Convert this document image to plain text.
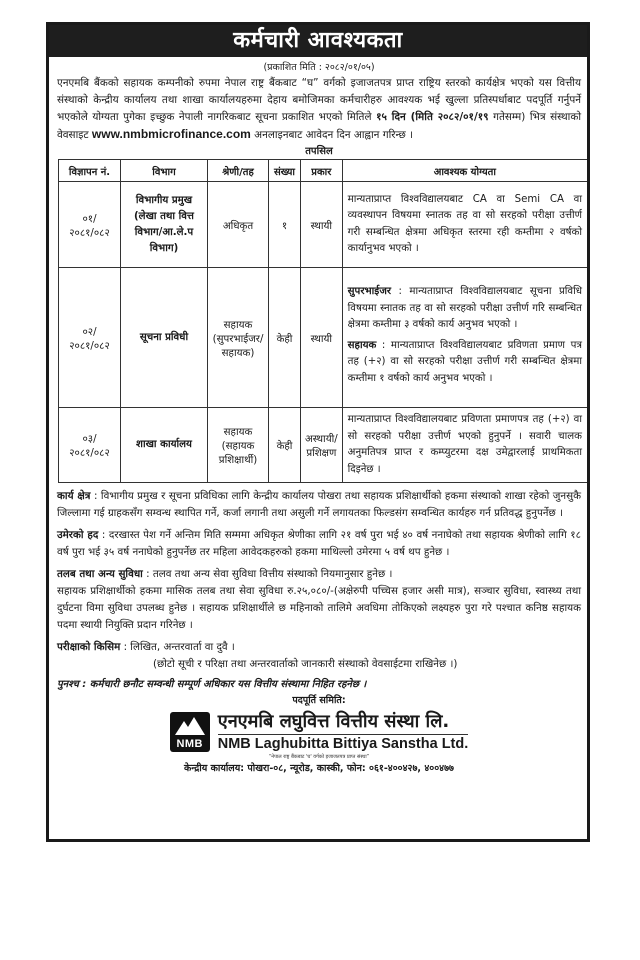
कर्मचारी आवश्यकता
(प्रकाशित मिति : २०८२/०१/०५)
एनएमबि बैंकको सहायक कम्पनीको रुपमा नेपाल राष्ट्र बैंकबाट “घ” वर्गको इजाजतपत्र प्राप्त राष्ट्रिय स्तरको कार्यक्षेत्र भएको यस वित्तीय संस्थाको केन्द्रीय कार्यालय तथा शाखा कार्यालयहरुमा देहाय बमोजिमका कर्मचारीहरु आवश्यक भई खुल्ला प्रतिस्पर्धाबाट पदपूर्ति गर्नुपर्ने भएकोले योग्यता पुगेका इच्छुक नेपाली नागरिकबाट सूचना प्रकाशित भएको मितिले १५ दिन (मिति २०८२/०१/१९ गतेसम्म) भित्र संस्थाको वेवसाइट www.nmbmicrofinance.com अनलाइनबाट आवेदन दिन आह्वान गरिन्छ ।
तपसिल
विज्ञापन नं.	विभाग	श्रेणी/तह	संख्या	प्रकार	आवश्यक योग्यता
०१/ २०८१/०८२	विभागीय प्रमुख (लेखा तथा वित्त विभाग/आ.ले.प विभाग)	अधिकृत	१	स्थायी	मान्यताप्राप्त विश्वविद्यालयबाट CA वा Semi CA वा व्यवस्थापन विषयमा स्नातक तह वा सो सरहको परीक्षा उत्तीर्ण गरी सम्बन्धित क्षेत्रमा अधिकृत स्तरमा रही कम्तीमा २ वर्षको कार्यानुभव भएको ।
०२/ २०८१/०८२	सूचना प्रविधी	सहायक (सुपरभाईजर/ सहायक)	केही	स्थायी	सुपरभाईजर : मान्यताप्राप्त विश्वविद्यालयबाट सूचना प्रविधि विषयमा स्नातक तह वा सो सरहको परीक्षा उत्तीर्ण गरि सम्बन्धित क्षेत्रमा कम्तीमा ३ वर्षको कार्य अनुभव भएको ।
सहायक : मान्यताप्राप्त विश्वविद्यालयबाट प्रविणता प्रमाण पत्र तह (+२) वा सो सरहको परीक्षा उत्तीर्ण गरी सम्बन्धित क्षेत्रमा कम्तीमा १ वर्षको कार्य अनुभव भएको ।

०३/ २०८१/०८२	शाखा कार्यालय	सहायक (सहायक प्रशिक्षार्थी)	केही	अस्थायी/ प्रशिक्षण	मान्यताप्राप्त विश्वविद्यालयबाट प्रविणता प्रमाणपत्र तह (+२) वा सो सरहको परीक्षा उत्तीर्ण भएको हुनुपर्ने । सवारी चालक अनुमतिपत्र प्राप्त र कम्प्युटरमा दक्ष उमेद्वारलाई प्राथमिकता दिइनेछ ।
कार्य क्षेत्र : विभागीय प्रमुख र सूचना प्रविधिका लागि केन्द्रीय कार्यालय पोखरा तथा सहायक प्रशिक्षार्थीको हकमा संस्थाको शाखा रहेको जुनसुकै जिल्लामा गई ग्राहकसँग सम्वन्ध स्थापित गर्ने, कर्जा लगानी तथा असुली गर्ने लगायतका फिल्डसंग सम्वन्धित कार्यहरु गर्न प्रतिवद्ध हुनुपर्नेछ ।
उमेरको हद : दरखास्त पेश गर्ने अन्तिम मिति सम्ममा अधिकृत श्रेणीका लागि २१ वर्ष पुरा भई ४० वर्ष ननाघेको तथा सहायक श्रेणीको लागि १८ वर्ष पुरा भई ३५ वर्ष ननाघेको हुनुपर्नेछ तर महिला आवेदकहरुको हकमा माथिल्लो उमेरमा ५ वर्ष थप हुनेछ ।
तलब तथा अन्य सुविधा : तलव तथा अन्य सेवा सुविधा वित्तीय संस्थाको नियमानुसार हुनेछ ।
सहायक प्रशिक्षार्थीको हकमा मासिक तलब तथा सेवा सुविधा रु.२५,०८०/-(अक्षेरुपी पच्चिस हजार असी मात्र), सञ्चार सुविधा, स्वास्थ्य तथा दुर्घटना विमा सुविधा उपलब्ध हुनेछ । सहायक प्रशिक्षार्थीले छ महिनाको तालिमे अवधिमा तोकिएको लक्ष्यहरु पुरा गरे पश्चात कनिष्ठ सहायक पदमा स्थायी नियुक्ति प्रदान गरिनेछ ।
परीक्षाको किसिम : लिखित, अन्तरवार्ता वा दुवै ।
(छोटो सूची र परिक्षा तथा अन्तरवार्ताको जानकारी संस्थाको वेवसाईटमा राखिनेछ ।)
पुनश्च : कर्मचारी छनौट सम्वन्धी सम्पूर्ण अधिकार यस वित्तीय संस्थामा निहित रहनेछ ।
पदपूर्ति समिति:
NMB
एनएमबि लघुवित्त वित्तीय संस्था लि.
NMB Laghubitta Bittiya Sanstha Ltd.
“नेपाल राष्ट्र बैंकबाट 'घ' वर्गको इजाजतपत्र प्राप्त संस्था”
केन्द्रीय कार्यालय: पोखरा-०८, न्यूरोड, कास्की, फोन: ०६१-४००४२७, ४००४७७
